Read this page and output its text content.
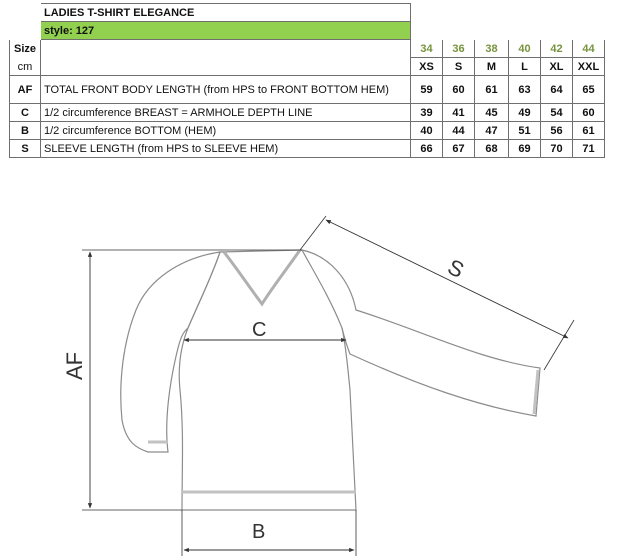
	LADIES T-SHIRT ELEGANCE						
	style: 127						
Size		34	36	38	40	42	44
cm		XS	S	M	L	XL	XXL
AF	TOTAL FRONT BODY LENGTH (from HPS to FRONT BOTTOM HEM)	59	60	61	63	64	65
C	1/2 circumference BREAST = ARMHOLE DEPTH LINE	39	41	45	49	54	60
B	1/2 circumference BOTTOM (HEM)	40	44	47	51	56	61
S	SLEEVE LENGTH (from HPS to SLEEVE HEM)	66	67	68	69	70	71
AF
C
B
S
